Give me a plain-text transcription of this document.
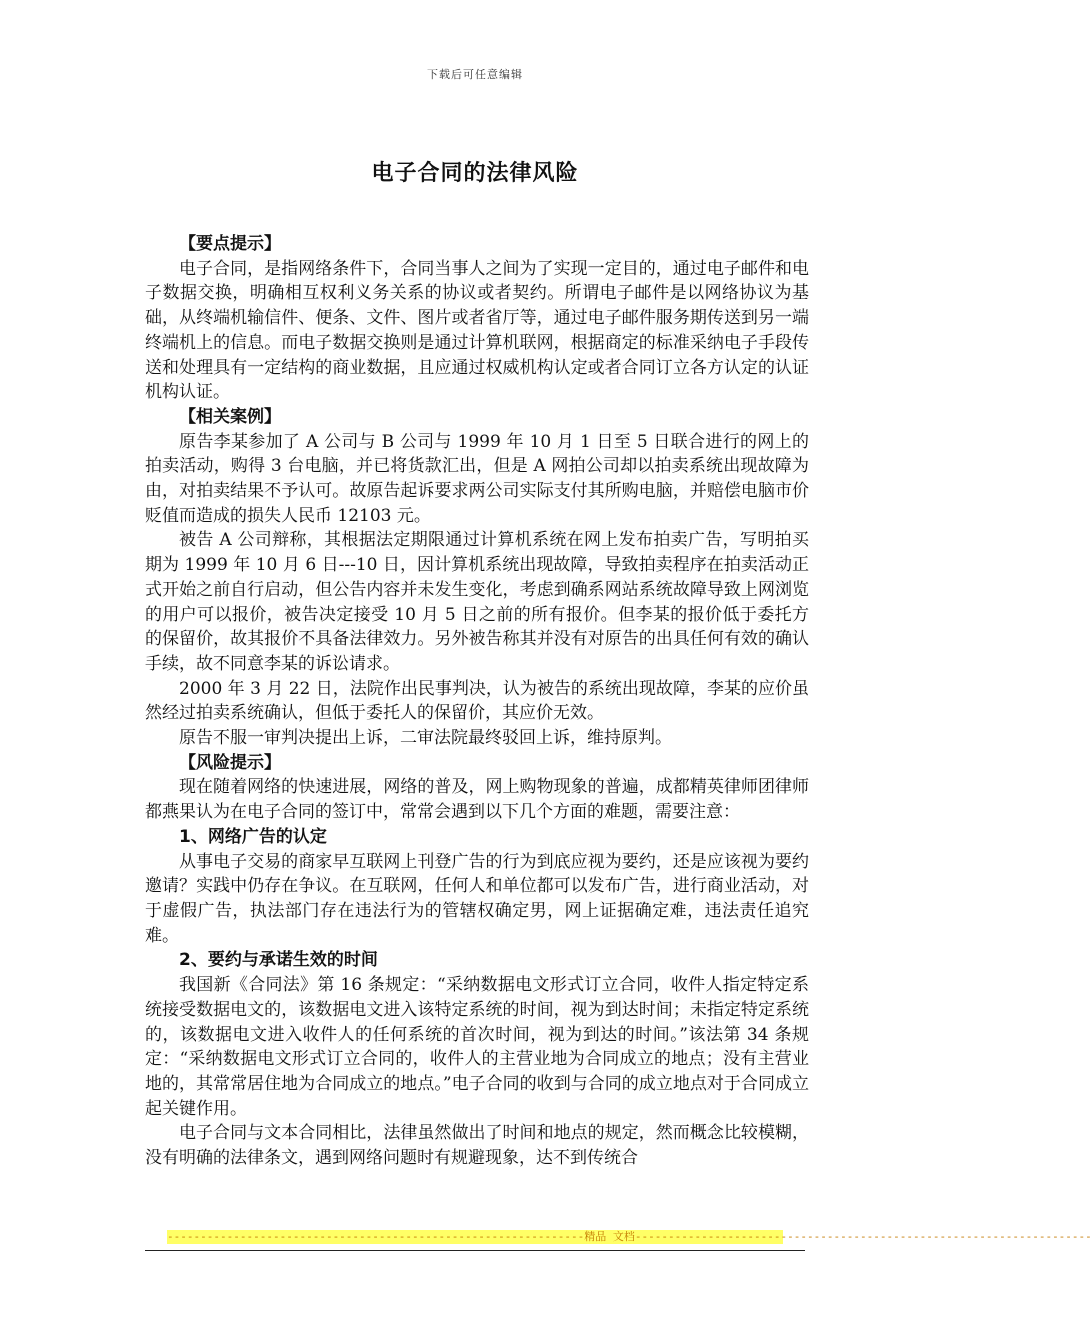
下载后可任意编辑
电子合同的法律风险
【要点提示】

电子合同，是指网络条件下，合同当事人之间为了实现一定目的，通过电子邮件和电子数据交换，明确相互权利义务关系的协议或者契约。所谓电子邮件是以网络协议为基础，从终端机输信件、便条、文件、图片或者省厅等，通过电子邮件服务期传送到另一端终端机上的信息。而电子数据交换则是通过计算机联网，根据商定的标准采纳电子手段传送和处理具有一定结构的商业数据，且应通过权威机构认定或者合同订立各方认定的认证机构认证。

【相关案例】

原告李某参加了 A 公司与 B 公司与 1999 年 10 月 1 日至 5 日联合进行的网上的拍卖活动，购得 3 台电脑，并已将货款汇出，但是 A 网拍公司却以拍卖系统出现故障为由，对拍卖结果不予认可。故原告起诉要求两公司实际支付其所购电脑，并赔偿电脑市价贬值而造成的损失人民币 12103 元。

被告 A 公司辩称，其根据法定期限通过计算机系统在网上发布拍卖广告，写明拍买期为 1999 年 10 月 6 日---10 日，因计算机系统出现故障，导致拍卖程序在拍卖活动正式开始之前自行启动，但公告内容并未发生变化，考虑到确系网站系统故障导致上网浏览的用户可以报价，被告决定接受 10 月 5 日之前的所有报价。但李某的报价低于委托方的保留价，故其报价不具备法律效力。另外被告称其并没有对原告的出具任何有效的确认手续，故不同意李某的诉讼请求。

2000 年 3 月 22 日，法院作出民事判决，认为被告的系统出现故障，李某的应价虽然经过拍卖系统确认，但低于委托人的保留价，其应价无效。

原告不服一审判决提出上诉，二审法院最终驳回上诉，维持原判。

【风险提示】

现在随着网络的快速进展，网络的普及，网上购物现象的普遍，成都精英律师团律师都燕果认为在电子合同的签订中，常常会遇到以下几个方面的难题，需要注意：

1、网络广告的认定

从事电子交易的商家早互联网上刊登广告的行为到底应视为要约，还是应该视为要约邀请？实践中仍存在争议。在互联网，任何人和单位都可以发布广告，进行商业活动，对于虚假广告，执法部门存在违法行为的管辖权确定男，网上证据确定难，违法责任追究难。

2、要约与承诺生效的时间

我国新《合同法》第 16 条规定：“采纳数据电文形式订立合同，收件人指定特定系统接受数据电文的，该数据电文进入该特定系统的时间，视为到达时间；未指定特定系统的，该数据电文进入收件人的任何系统的首次时间，视为到达的时间。”该法第 34 条规定：“采纳数据电文形式订立合同的，收件人的主营业地为合同成立的地点；没有主营业地的，其常常居住地为合同成立的地点。”电子合同的收到与合同的成立地点对于合同成立起关键作用。

电子合同与文本合同相比，法律虽然做出了时间和地点的规定，然而概念比较模糊，没有明确的法律条文，遇到网络问题时有规避现象，达不到传统合

---------------------------------------------------------------精品 文档---------------------------------------------------------------------
